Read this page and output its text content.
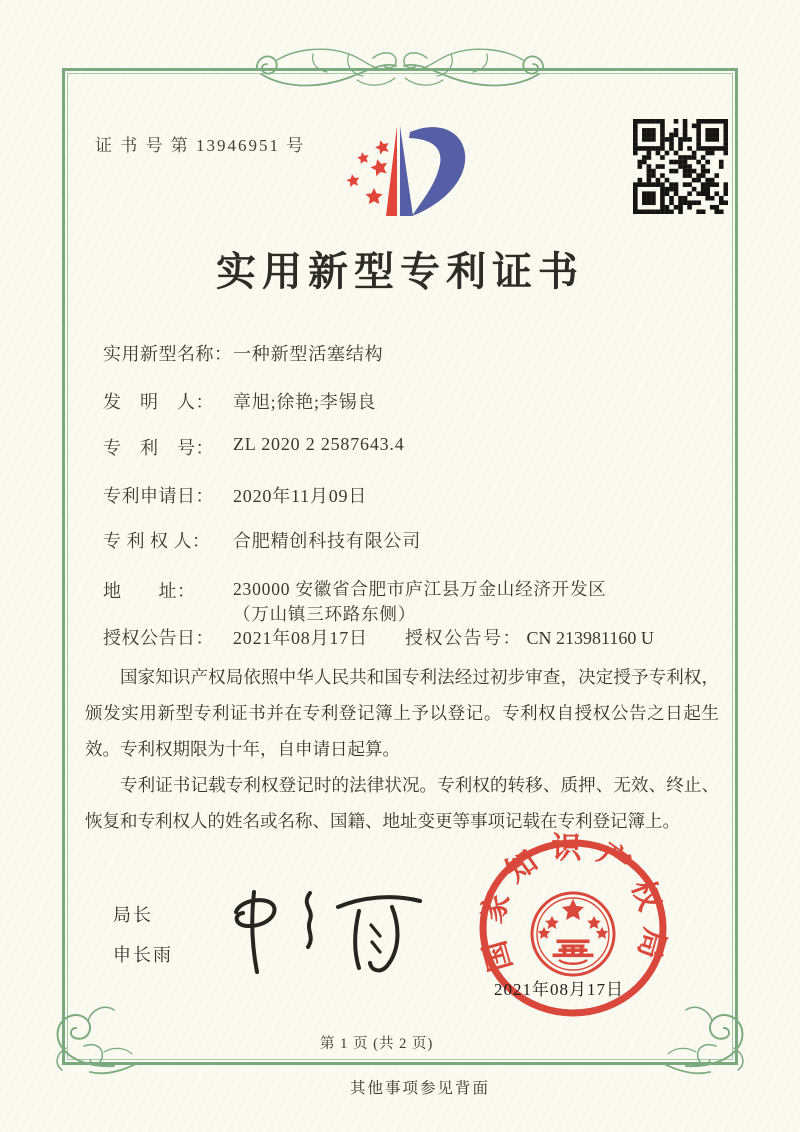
证 书 号 第 13946951 号
实用新型专利证书
实用新型名称： 一种新型活塞结构
发　明　人：	章旭;徐艳;李锡良
专　利　号：	ZL 2020 2 2587643.4
专利申请日：	2020年11月09日
专 利 权 人：	合肥精创科技有限公司
地　　址：	230000 安徽省合肥市庐江县万金山经济开发区（万山镇三环路东侧）
授权公告日：	2021年08月17日 授权公告号： CN 213981160 U

国家知识产权局依照中华人民共和国专利法经过初步审查，决定授予专利权，颁发实用新型专利证书并在专利登记簿上予以登记。专利权自授权公告之日起生效。专利权期限为十年，自申请日起算。

专利证书记载专利权登记时的法律状况。专利权的转移、质押、无效、终止、恢复和专利权人的姓名或名称、国籍、地址变更等事项记载在专利登记簿上。

局长
申长雨	国家知识产权局
2021年08月17日
第 1 页 (共 2 页)
其他事项参见背面
